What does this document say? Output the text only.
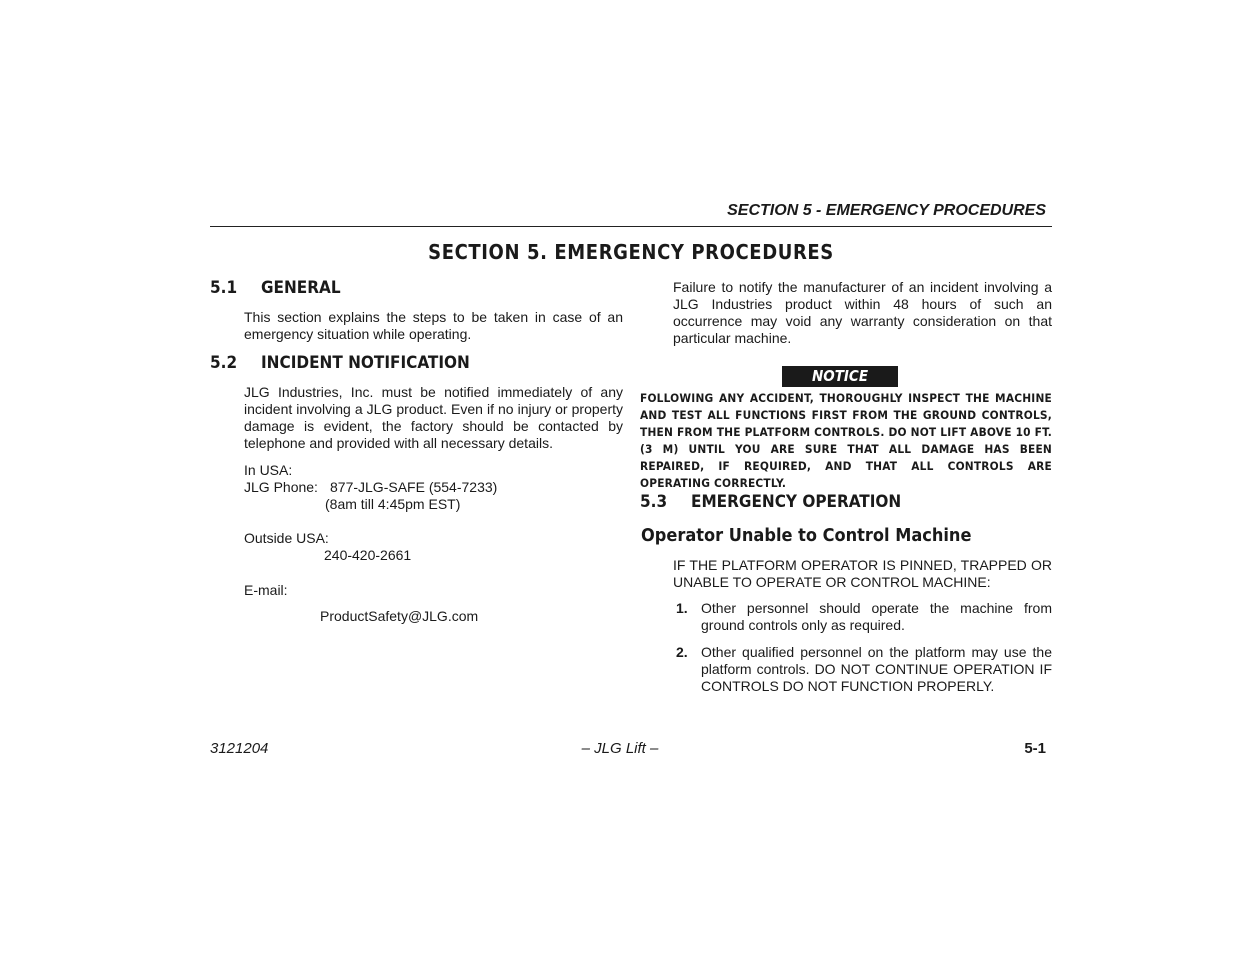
SECTION 5 - EMERGENCY PROCEDURES
SECTION 5. EMERGENCY PROCEDURES
5.1 GENERAL
This section explains the steps to be taken in case of an emergency situation while operating.
5.2 INCIDENT NOTIFICATION
JLG Industries, Inc. must be notified immediately of any incident involving a JLG product. Even if no injury or property damage is evident, the factory should be contacted by telephone and provided with all necessary details.
In USA:
JLG Phone: 877-JLG-SAFE (554-7233)
(8am till 4:45pm EST)
Outside USA:
240-420-2661
E-mail:
ProductSafety@JLG.com
Failure to notify the manufacturer of an incident involving a JLG Industries product within 48 hours of such an occurrence may void any warranty consideration on that particular machine.
NOTICE
FOLLOWING ANY ACCIDENT, THOROUGHLY INSPECT THE MACHINE AND TEST ALL FUNCTIONS FIRST FROM THE GROUND CONTROLS, THEN FROM THE PLATFORM CONTROLS. DO NOT LIFT ABOVE 10 FT. (3 M) UNTIL YOU ARE SURE THAT ALL DAMAGE HAS BEEN REPAIRED, IF REQUIRED, AND THAT ALL CONTROLS ARE OPERATING CORRECTLY.
5.3 EMERGENCY OPERATION
Operator Unable to Control Machine
IF THE PLATFORM OPERATOR IS PINNED, TRAPPED OR UNABLE TO OPERATE OR CONTROL MACHINE:
1. Other personnel should operate the machine from ground controls only as required.
2. Other qualified personnel on the platform may use the platform controls. DO NOT CONTINUE OPERATION IF CONTROLS DO NOT FUNCTION PROPERLY.
3121204	– JLG Lift –	5-1
